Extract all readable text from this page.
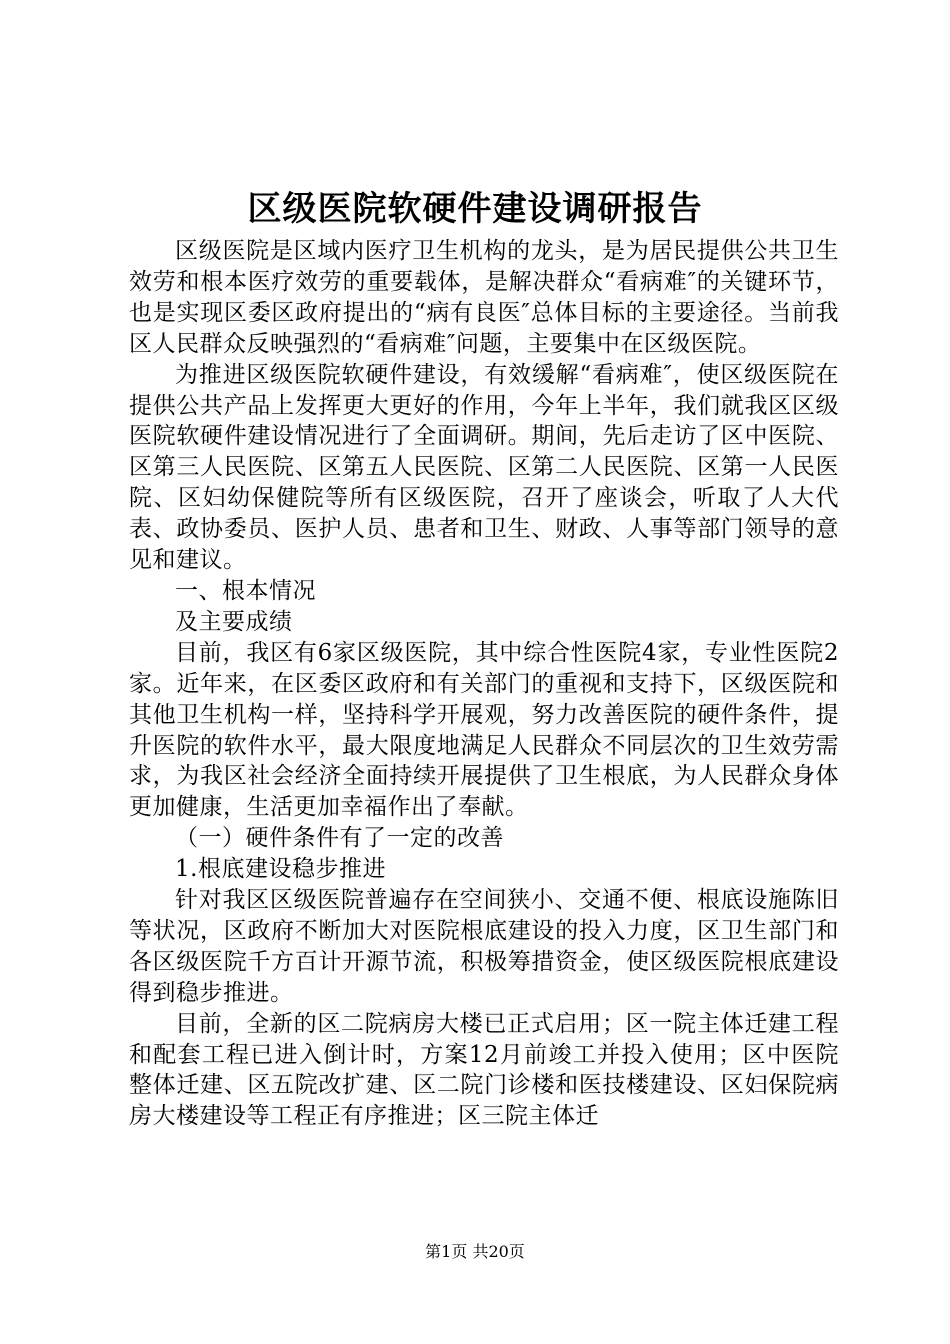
区级医院软硬件建设调研报告

区级医院是区域内医疗卫生机构的龙头，是为居民提供公共卫生效劳和根本医疗效劳的重要载体，是解决群众“看病难″的关键环节，也是实现区委区政府提出的“病有良医″总体目标的主要途径。当前我区人民群众反映强烈的“看病难″问题，主要集中在区级医院。

为推进区级医院软硬件建设，有效缓解“看病难″，使区级医院在提供公共产品上发挥更大更好的作用，今年上半年，我们就我区区级医院软硬件建设情况进行了全面调研。期间，先后走访了区中医院、区第三人民医院、区第五人民医院、区第二人民医院、区第一人民医院、区妇幼保健院等所有区级医院，召开了座谈会，听取了人大代表、政协委员、医护人员、患者和卫生、财政、人事等部门领导的意见和建议。

一、根本情况

及主要成绩

目前，我区有6家区级医院，其中综合性医院4家，专业性医院2家。近年来，在区委区政府和有关部门的重视和支持下，区级医院和其他卫生机构一样，坚持科学开展观，努力改善医院的硬件条件，提升医院的软件水平，最大限度地满足人民群众不同层次的卫生效劳需求，为我区社会经济全面持续开展提供了卫生根底，为人民群众身体更加健康，生活更加幸福作出了奉献。

（一）硬件条件有了一定的改善

1.根底建设稳步推进

针对我区区级医院普遍存在空间狭小、交通不便、根底设施陈旧等状况，区政府不断加大对医院根底建设的投入力度，区卫生部门和各区级医院千方百计开源节流，积极筹措资金，使区级医院根底建设得到稳步推进。

目前，全新的区二院病房大楼已正式启用；区一院主体迁建工程和配套工程已进入倒计时，方案12月前竣工并投入使用；区中医院整体迁建、区五院改扩建、区二院门诊楼和医技楼建设、区妇保院病房大楼建设等工程正有序推进；区三院主体迁

第1页 共20页
